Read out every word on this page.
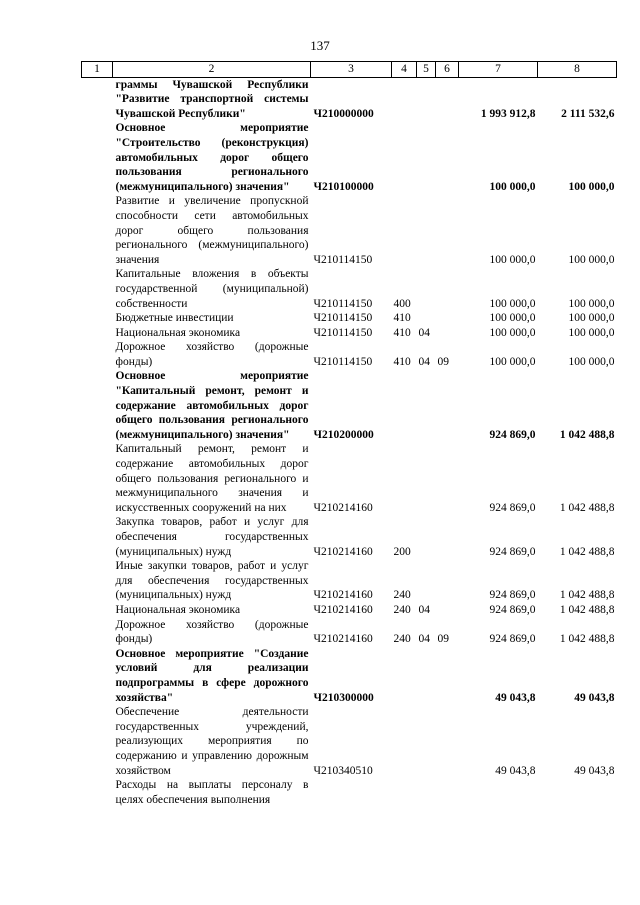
137
1	2	3	4	5	6	7	8
	граммы Чувашской Республики "Развитие транспортной системы Чувашской Республики"	Ч210000000				1 993 912,8	2 111 532,6
	Основное мероприятие "Строительство (реконструкция) автомобильных дорог общего пользования регионального (межмуниципального) значения"	Ч210100000				100 000,0	100 000,0
	Развитие и увеличение пропускной способности сети автомобильных дорог общего пользования регионального (межмуниципального) значения	Ч210114150				100 000,0	100 000,0
	Капитальные вложения в объекты государственной (муниципальной) собственности	Ч210114150	400			100 000,0	100 000,0
	Бюджетные инвестиции	Ч210114150	410			100 000,0	100 000,0
	Национальная экономика	Ч210114150	410	04		100 000,0	100 000,0
	Дорожное хозяйство (дорожные фонды)	Ч210114150	410	04	09	100 000,0	100 000,0
	Основное мероприятие "Капитальный ремонт, ремонт и содержание автомобильных дорог общего пользования регионального (межмуниципального) значения"	Ч210200000				924 869,0	1 042 488,8
	Капитальный ремонт, ремонт и содержание автомобильных дорог общего пользования регионального и межмуниципального значения и искусственных сооружений на них	Ч210214160				924 869,0	1 042 488,8
	Закупка товаров, работ и услуг для обеспечения государственных (муниципальных) нужд	Ч210214160	200			924 869,0	1 042 488,8
	Иные закупки товаров, работ и услуг для обеспечения государственных (муниципальных) нужд	Ч210214160	240			924 869,0	1 042 488,8
	Национальная экономика	Ч210214160	240	04		924 869,0	1 042 488,8
	Дорожное хозяйство (дорожные фонды)	Ч210214160	240	04	09	924 869,0	1 042 488,8
	Основное мероприятие "Создание условий для реализации подпрограммы в сфере дорожного хозяйства"	Ч210300000				49 043,8	49 043,8
	Обеспечение деятельности государственных учреждений, реализующих мероприятия по содержанию и управлению дорожным хозяйством	Ч210340510				49 043,8	49 043,8
	Расходы на выплаты персоналу в целях обеспечения выполнения						
